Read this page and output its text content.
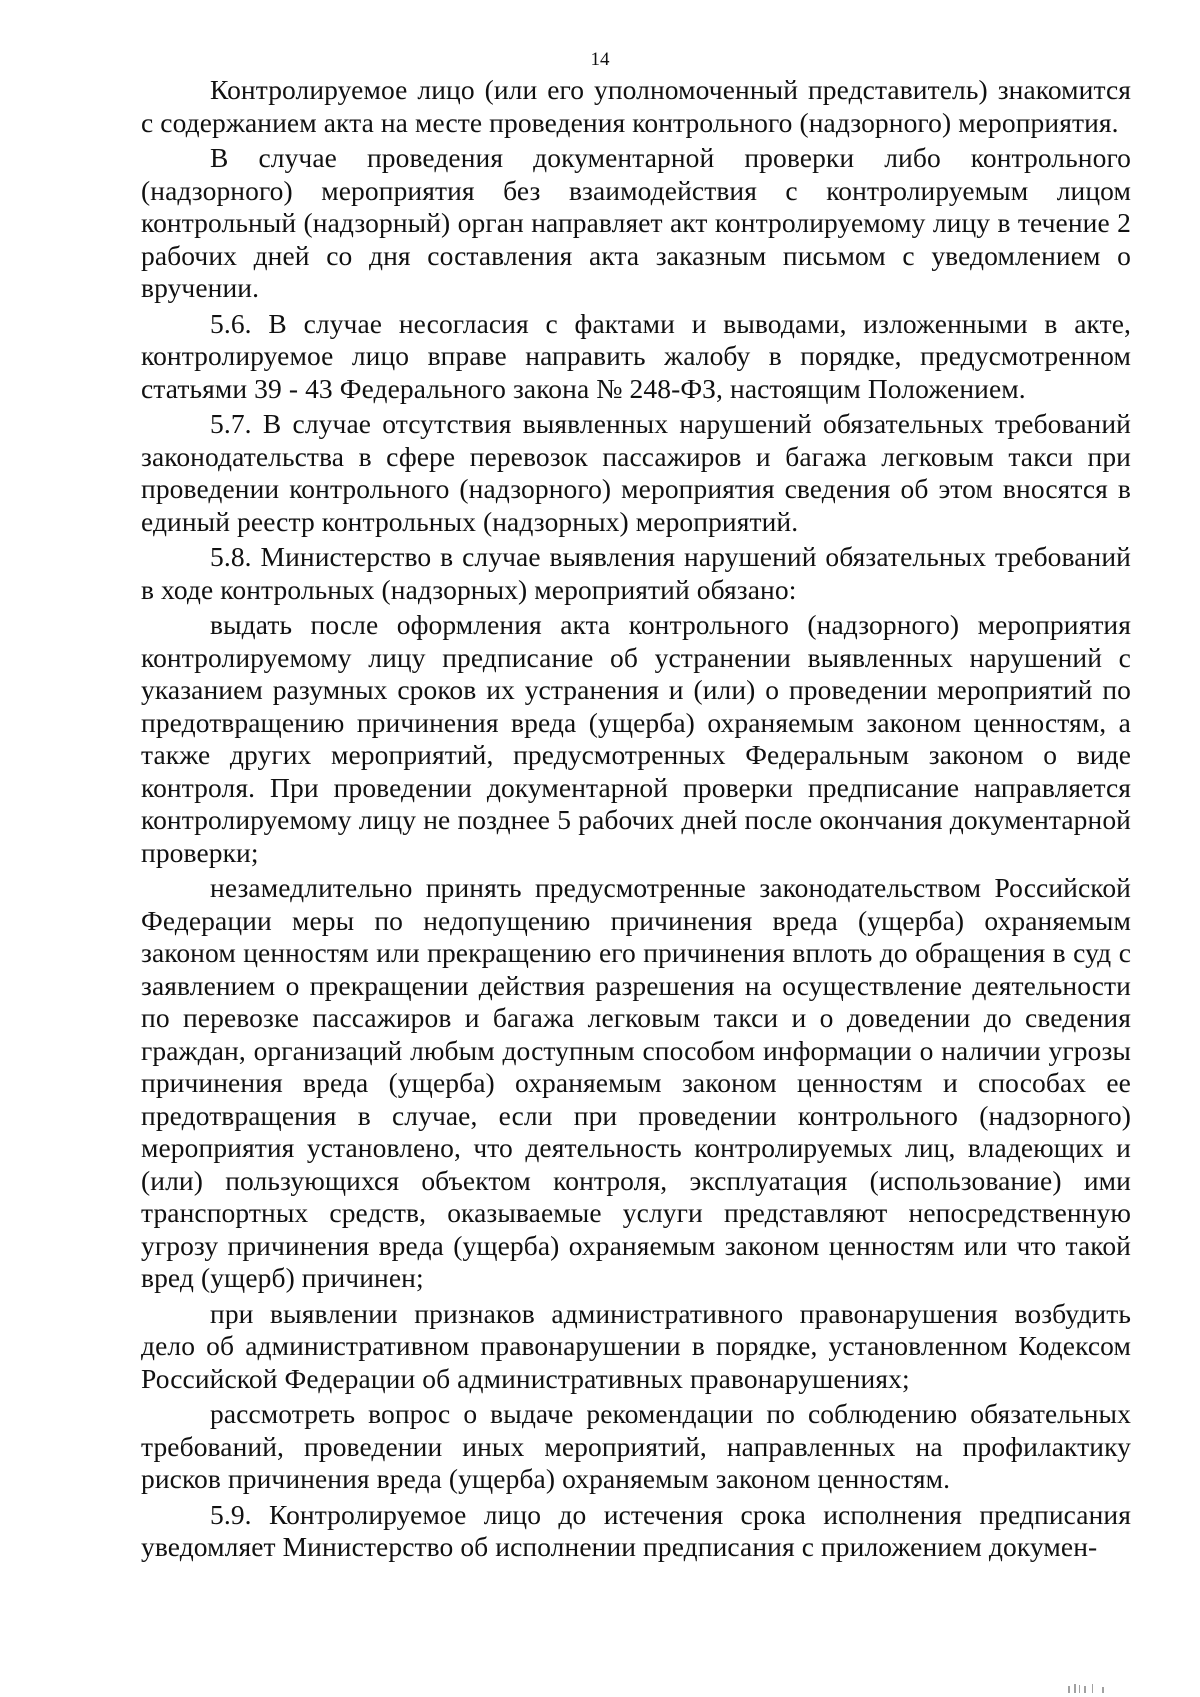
14

Контролируемое лицо (или его уполномоченный представитель) знакомится с содержанием акта на месте проведения контрольного (надзорного) мероприятия.

В случае проведения документарной проверки либо контрольного (надзорного) мероприятия без взаимодействия с контролируемым лицом контрольный (надзорный) орган направляет акт контролируемому лицу в течение 2 рабочих дней со дня составления акта заказным письмом с уведомлением о вручении.

5.6. В случае несогласия с фактами и выводами, изложенными в акте, контролируемое лицо вправе направить жалобу в порядке, предусмотренном статьями 39 - 43 Федерального закона № 248-ФЗ, настоящим Положением.

5.7. В случае отсутствия выявленных нарушений обязательных требований законодательства в сфере перевозок пассажиров и багажа легковым такси при проведении контрольного (надзорного) мероприятия сведения об этом вносятся в единый реестр контрольных (надзорных) мероприятий.

5.8. Министерство в случае выявления нарушений обязательных требований в ходе контрольных (надзорных) мероприятий обязано:

выдать после оформления акта контрольного (надзорного) мероприятия контролируемому лицу предписание об устранении выявленных нарушений с указанием разумных сроков их устранения и (или) о проведении мероприятий по предотвращению причинения вреда (ущерба) охраняемым законом ценностям, а также других мероприятий, предусмотренных Федеральным законом о виде контроля. При проведении документарной проверки предписание направляется контролируемому лицу не позднее 5 рабочих дней после окончания документарной проверки;

незамедлительно принять предусмотренные законодательством Российской Федерации меры по недопущению причинения вреда (ущерба) охраняемым законом ценностям или прекращению его причинения вплоть до обращения в суд с заявлением о прекращении действия разрешения на осуществление деятельности по перевозке пассажиров и багажа легковым такси и о доведении до сведения граждан, организаций любым доступным способом информации о наличии угрозы причинения вреда (ущерба) охраняемым законом ценностям и способах ее предотвращения в случае, если при проведении контрольного (надзорного) мероприятия установлено, что деятельность контролируемых лиц, владеющих и (или) пользующихся объектом контроля, эксплуатация (использование) ими транспортных средств, оказываемые услуги представляют непосредственную угрозу причинения вреда (ущерба) охраняемым законом ценностям или что такой вред (ущерб) причинен;

при выявлении признаков административного правонарушения возбудить дело об административном правонарушении в порядке, установленном Кодексом Российской Федерации об административных правонарушениях;

рассмотреть вопрос о выдаче рекомендации по соблюдению обязательных требований, проведении иных мероприятий, направленных на профилактику рисков причинения вреда (ущерба) охраняемым законом ценностям.

5.9. Контролируемое лицо до истечения срока исполнения предписания уведомляет Министерство об исполнении предписания с приложением докумен-
